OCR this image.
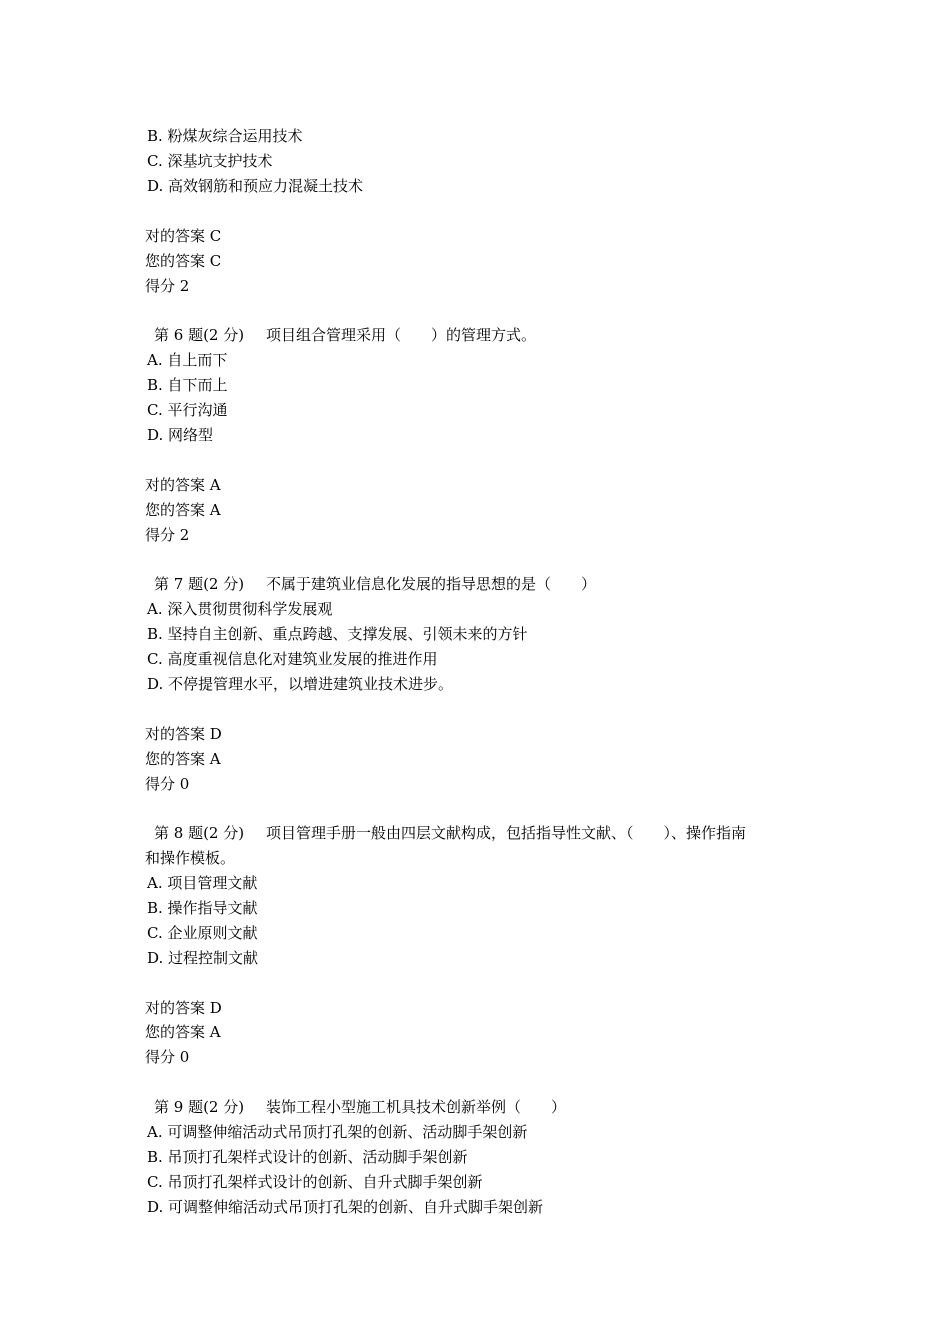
B. 粉煤灰综合运用技术
C. 深基坑支护技术
D. 高效钢筋和预应力混凝土技术
对的答案 C
您的答案 C
得分 2
第 6 题(2 分) 项目组合管理采用（　　）的管理方式。
A. 自上而下
B. 自下而上
C. 平行沟通
D. 网络型
对的答案 A
您的答案 A
得分 2
第 7 题(2 分) 不属于建筑业信息化发展的指导思想的是（　　）
A. 深入贯彻贯彻科学发展观
B. 坚持自主创新、重点跨越、支撑发展、引领未来的方针
C. 高度重视信息化对建筑业发展的推进作用
D. 不停提管理水平，以增进建筑业技术进步。
对的答案 D
您的答案 A
得分 0
第 8 题(2 分) 项目管理手册一般由四层文献构成，包括指导性文献、（　　）、操作指南
和操作模板。
A. 项目管理文献
B. 操作指导文献
C. 企业原则文献
D. 过程控制文献
对的答案 D
您的答案 A
得分 0
第 9 题(2 分) 装饰工程小型施工机具技术创新举例（　　）
A. 可调整伸缩活动式吊顶打孔架的创新、活动脚手架创新
B. 吊顶打孔架样式设计的创新、活动脚手架创新
C. 吊顶打孔架样式设计的创新、自升式脚手架创新
D. 可调整伸缩活动式吊顶打孔架的创新、自升式脚手架创新
